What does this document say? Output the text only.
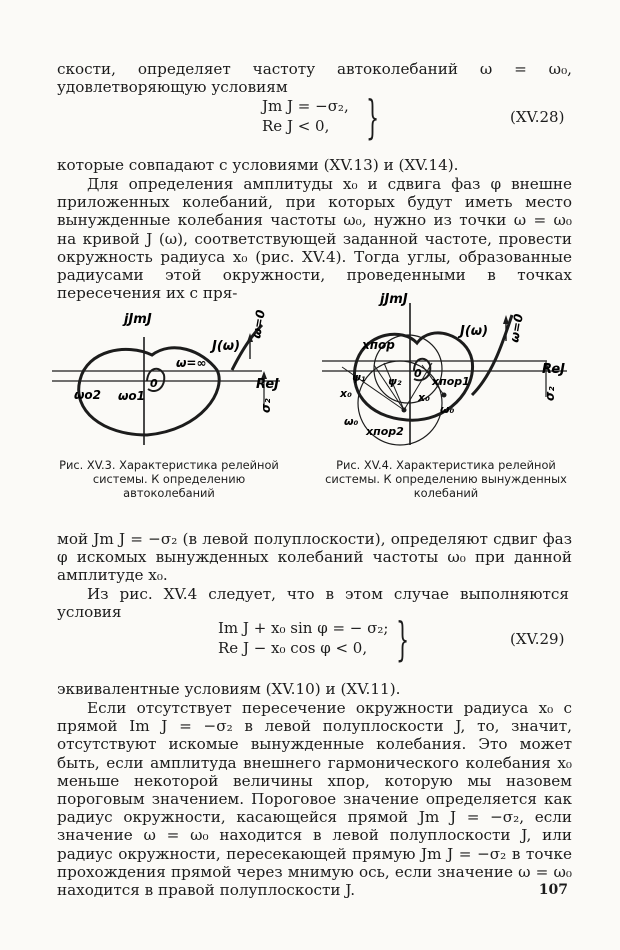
скости, определяет частоту автоколебаний ω = ω₀, удовлетворяющую условиям

Jm J = −σ₂,
Re J < 0, }	(XV.28)

которые совпадают с условиями (XV.13) и (XV.14).

Для определения амплитуды x₀ и сдвига фаз φ внешне приложенных колебаний, при которых будут иметь место вынужденные колебания частоты ω₀, нужно из точки ω = ω₀ на кривой J (ω), соответствующей заданной частоте, провести окружность радиуса x₀ (рис. XV.4). Тогда углы, образованные радиусами этой окружности, проведенными в точках пересечения их с пря-

jJmJ
ReJ
J(ω)
ω=0
ω=∞
ωo2 ωo1
0
σ₂
jJmJ
ReJ
J(ω) ω=0
xпор
xпор1
xпор2
ψ₁ ψ₂
x₀	x₀
ω₀
ω₀
0
σ₂
Рис. XV.3. Характеристика релейной системы. К определению автоколебаний
Рис. XV.4. Характеристика релейной системы. К определению вынужденных колебаний

мой Jm J = −σ₂ (в левой полуплоскости), определяют сдвиг фаз φ искомых вынужденных колебаний частоты ω₀ при данной амплитуде x₀.

Из рис. XV.4 следует, что в этом случае выполняются условия

Im J + x₀ sin φ = − σ₂;
Re J − x₀ cos φ < 0, }	(XV.29)

эквивалентные условиям (XV.10) и (XV.11).

Если отсутствует пересечение окружности радиуса x₀ с прямой Im J = −σ₂ в левой полуплоскости J, то, значит, отсутствуют искомые вынужденные колебания. Это может быть, если амплитуда внешнего гармонического колебания x₀ меньше некоторой величины xпор, которую мы назовем пороговым значением. Пороговое значение определяется как радиус окружности, касающейся прямой Jm J = −σ₂, если значение ω = ω₀ находится в левой полуплоскости J, или радиус окружности, пересекающей прямую Jm J = −σ₂ в точке прохождения прямой через мнимую ось, если значение ω = ω₀ находится в правой полуплоскости J.	107
